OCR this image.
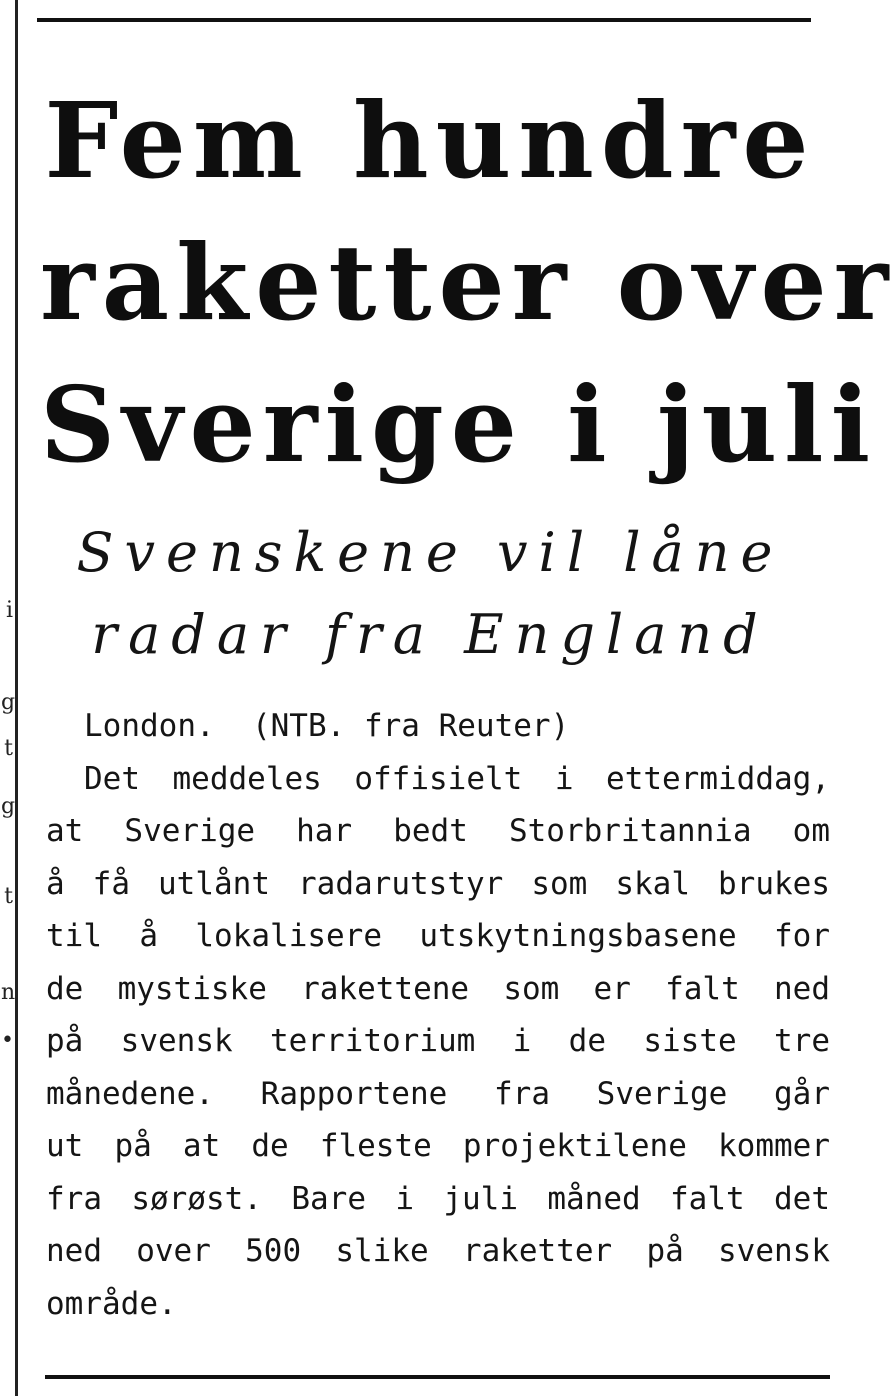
i
g
t
g
t
n
•
Fem hundre
raketter over
Sverige i juli
Svenskene vil låne
radar fra England
London.  (NTB. fra Reuter)
Det meddeles offisielt i ettermiddag,
at Sverige har bedt Storbritannia om
å få utlånt radarutstyr som skal brukes
til å lokalisere utskytningsbasene for
de mystiske rakettene som er falt ned
på svensk territorium i de siste tre
månedene. Rapportene fra Sverige går
ut på at de fleste projektilene kommer
fra sørøst. Bare i juli måned falt det
ned over 500 slike raketter på svensk
område.
